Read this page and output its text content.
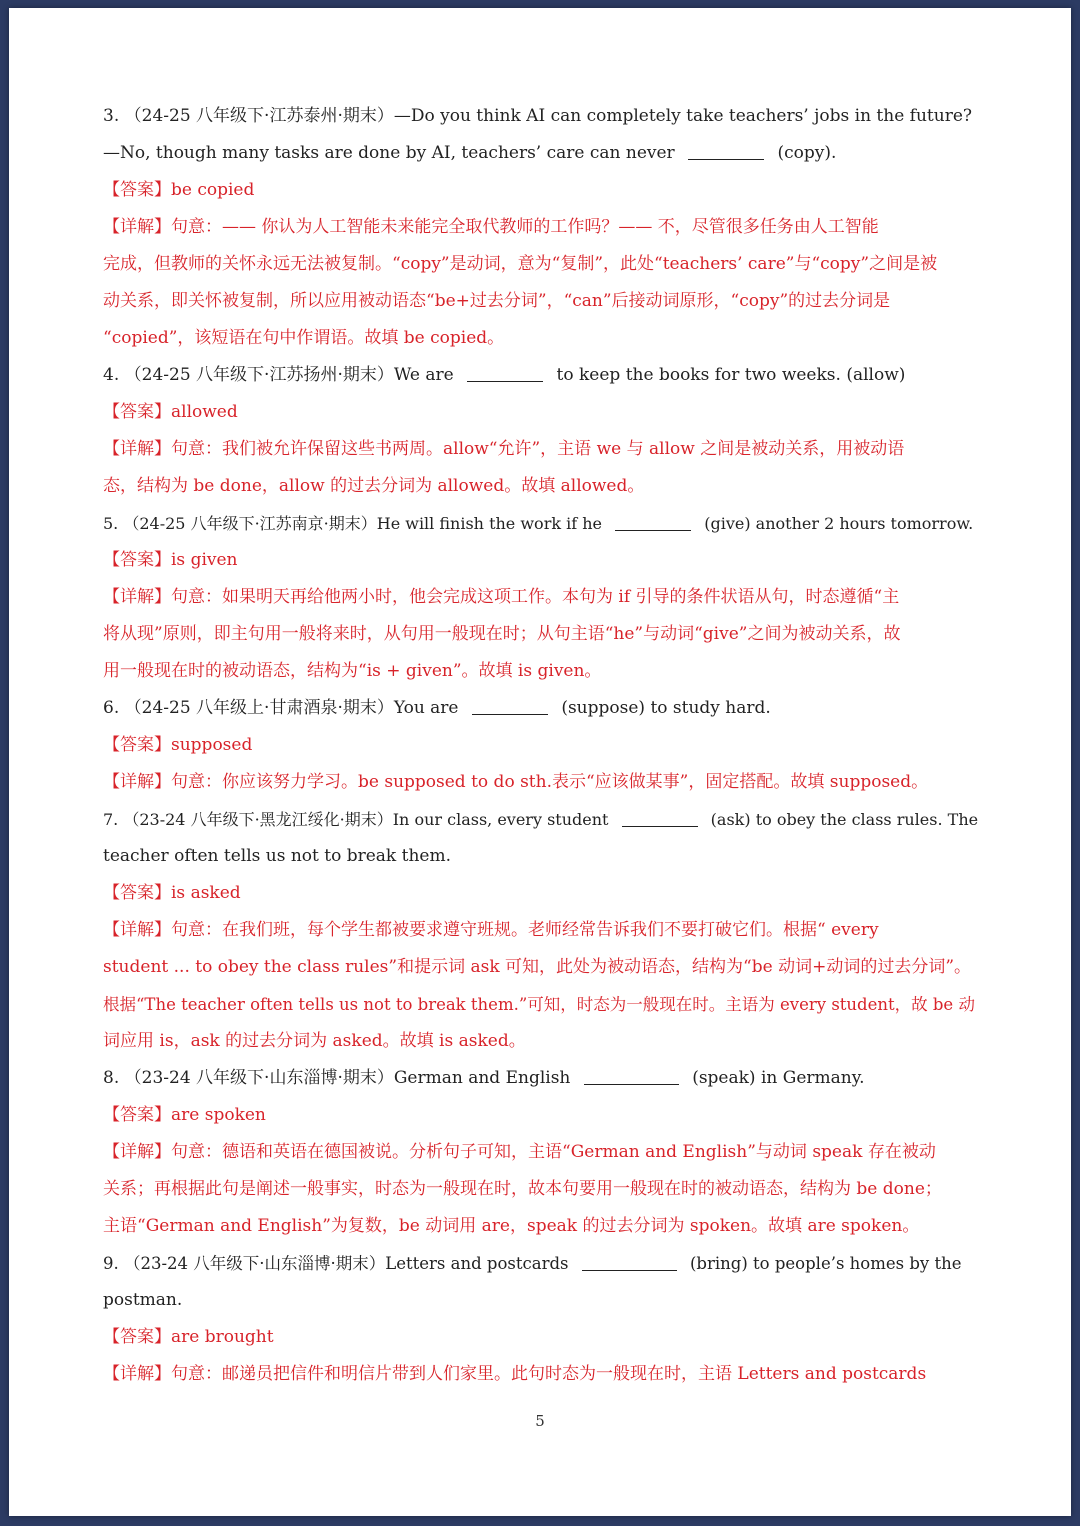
3. （24-25 八年级下·江苏泰州·期末）—Do you think AI can completely take teachers’ jobs in the future?
—No, though many tasks are done by AI, teachers’ care can never	(copy).
【答案】be copied
【详解】句意：—— 你认为人工智能未来能完全取代教师的工作吗？—— 不，尽管很多任务由人工智能
完成，但教师的关怀永远无法被复制。“copy”是动词，意为“复制”，此处“teachers’ care”与“copy”之间是被
动关系，即关怀被复制，所以应用被动语态“be+过去分词”，“can”后接动词原形，“copy”的过去分词是
“copied”，该短语在句中作谓语。故填 be copied。
4. （24-25 八年级下·江苏扬州·期末）We are	to keep the books for two weeks. (allow)
【答案】allowed
【详解】句意：我们被允许保留这些书两周。allow“允许”，主语 we 与 allow 之间是被动关系，用被动语
态，结构为 be done，allow 的过去分词为 allowed。故填 allowed。
5. （24-25 八年级下·江苏南京·期末）He will finish the work if he	(give) another 2 hours tomorrow.
【答案】is given
【详解】句意：如果明天再给他两小时，他会完成这项工作。本句为 if 引导的条件状语从句，时态遵循“主
将从现”原则，即主句用一般将来时，从句用一般现在时；从句主语“he”与动词“give”之间为被动关系，故
用一般现在时的被动语态，结构为“is + given”。故填 is given。
6. （24-25 八年级上·甘肃酒泉·期末）You are	(suppose) to study hard.
【答案】supposed
【详解】句意：你应该努力学习。be supposed to do sth.表示“应该做某事”，固定搭配。故填 supposed。
7. （23-24 八年级下·黑龙江绥化·期末）In our class, every student	(ask) to obey the class rules. The
teacher often tells us not to break them.
【答案】is asked
【详解】句意：在我们班，每个学生都被要求遵守班规。老师经常告诉我们不要打破它们。根据“ every
student ... to obey the class rules”和提示词 ask 可知，此处为被动语态，结构为“be 动词+动词的过去分词”。
根据“The teacher often tells us not to break them.”可知，时态为一般现在时。主语为 every student，故 be 动
词应用 is，ask 的过去分词为 asked。故填 is asked。
8. （23-24 八年级下·山东淄博·期末）German and English	(speak) in Germany.
【答案】are spoken
【详解】句意：德语和英语在德国被说。分析句子可知，主语“German and English”与动词 speak 存在被动
关系；再根据此句是阐述一般事实，时态为一般现在时，故本句要用一般现在时的被动语态，结构为 be done；
主语“German and English”为复数，be 动词用 are，speak 的过去分词为 spoken。故填 are spoken。
9. （23-24 八年级下·山东淄博·期末）Letters and postcards	(bring) to people’s homes by the
postman.
【答案】are brought
【详解】句意：邮递员把信件和明信片带到人们家里。此句时态为一般现在时，主语 Letters and postcards
5
